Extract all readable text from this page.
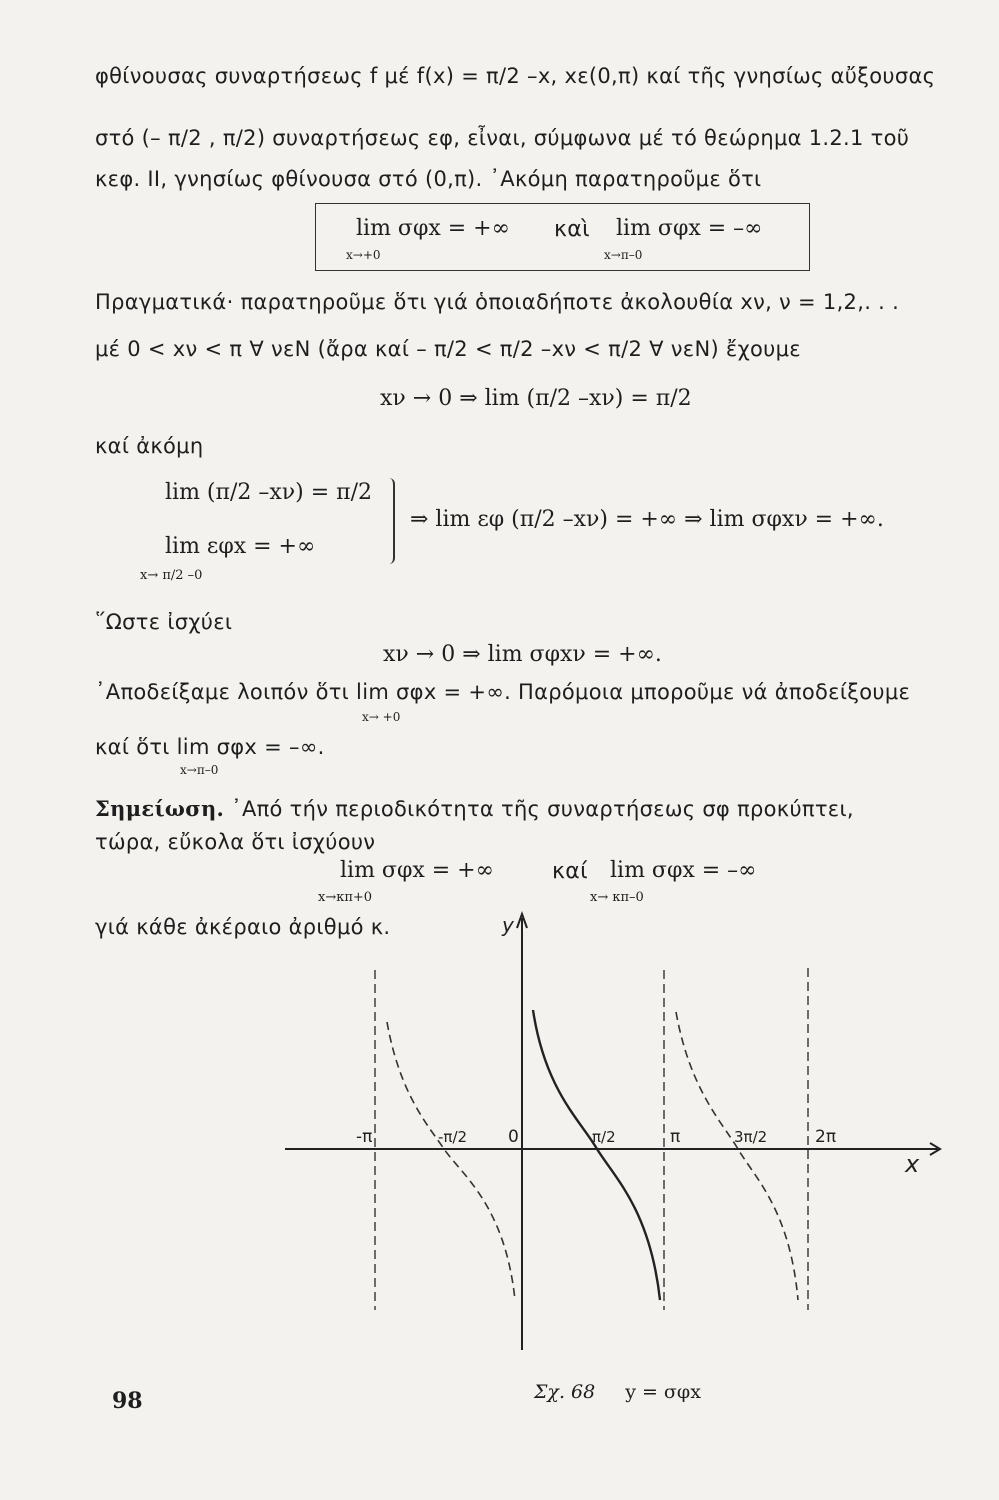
φθίνουσας συναρτήσεως f μέ f(x) = π/2 –x, xε(0,π) καί τῆς γνησίως αὔξουσας
στό (– π/2 , π/2) συναρτήσεως εφ, εἶναι, σύμφωνα μέ τό θεώρημα 1.2.1 τοῦ
κεφ. II, γνησίως φθίνουσα στό (0,π). ᾿Ακόμη παρατηροῦμε ὅτι
lim σφx = +∞
x→+0
καὶ lim σφx = –∞
x→π–0
Πραγματικά· παρατηροῦμε ὅτι γιά ὁποιαδήποτε ἀκολουθία xν, ν = 1,2,. . .
μέ 0 < xν < π ∀ νεN (ἄρα καί – π/2 < π/2 –xν < π/2 ∀ νεN) ἔχουμε
xν → 0 ⇒ lim (π/2 –xν) = π/2
καί ἀκόμη
lim (π/2 –xν) = π/2
lim εφx = +∞
x→ π/2 –0
⇒ lim εφ (π/2 –xν) = +∞ ⇒ lim σφxν = +∞.
῞Ωστε ἰσχύει
xν → 0 ⇒ lim σφxν = +∞.
᾿Αποδείξαμε λοιπόν ὅτι lim σφx = +∞. Παρόμοια μποροῦμε νά ἀποδείξουμε
x→ +0
καί ὅτι lim σφx = –∞.
x→π–0
Σημείωση. ᾿Από τήν περιοδικότητα τῆς συναρτήσεως σφ προκύπτει,
τώρα, εὔκολα ὅτι ἰσχύουν
lim σφx = +∞
x→κπ+0
καί lim σφx = –∞
x→ κπ–0
γιά κάθε ἀκέραιο ἀριθμό κ.	y
x
-π	-π/2 0	π/2	π	3π/2	2π
98	Σχ. 68 y = σφx
